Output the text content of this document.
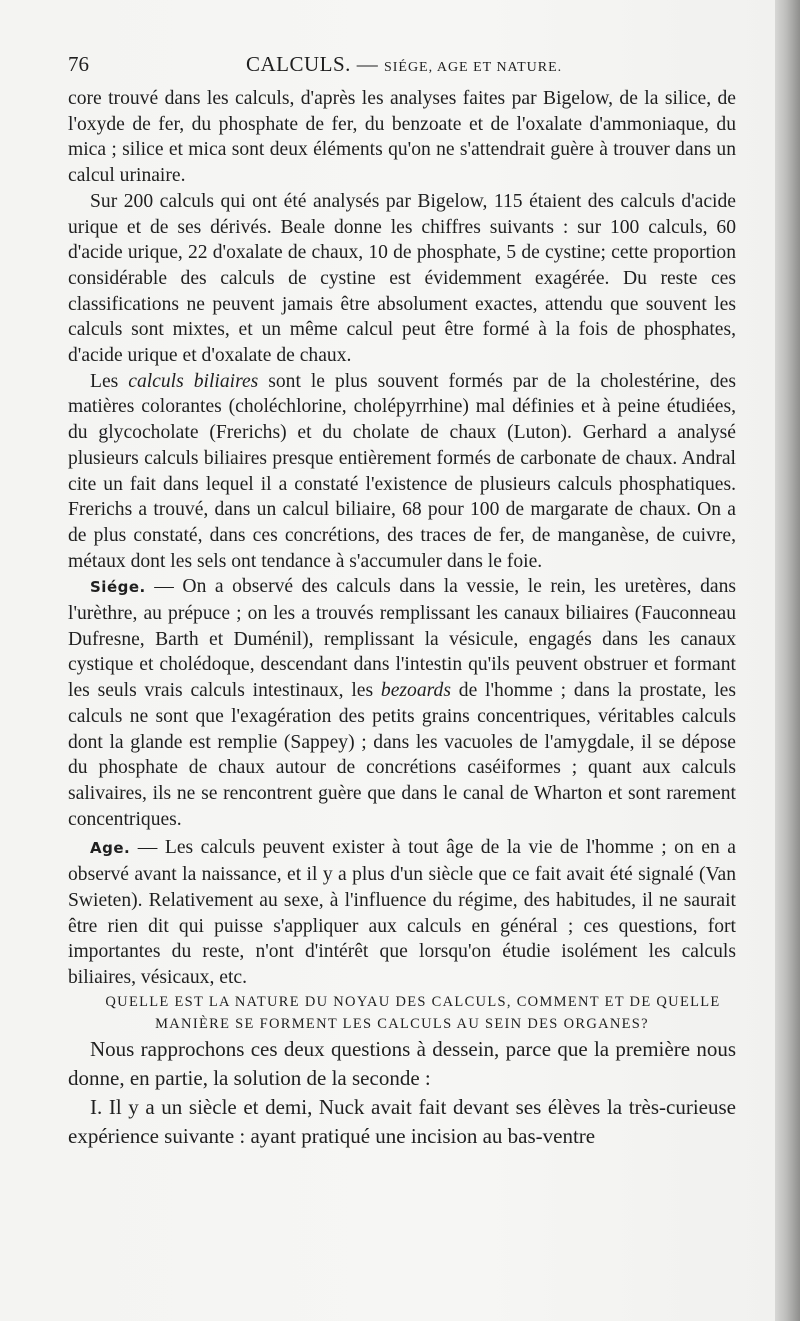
76	CALCULS. — SIÉGE, AGE ET NATURE.

core trouvé dans les calculs, d'après les analyses faites par Bigelow, de la silice, de l'oxyde de fer, du phosphate de fer, du benzoate et de l'oxalate d'ammoniaque, du mica ; silice et mica sont deux éléments qu'on ne s'attendrait guère à trouver dans un calcul urinaire.

Sur 200 calculs qui ont été analysés par Bigelow, 115 étaient des calculs d'acide urique et de ses dérivés. Beale donne les chiffres suivants : sur 100 calculs, 60 d'acide urique, 22 d'oxalate de chaux, 10 de phosphate, 5 de cystine; cette proportion considérable des calculs de cystine est évidemment exagérée. Du reste ces classifications ne peuvent jamais être absolument exactes, attendu que souvent les calculs sont mixtes, et un même calcul peut être formé à la fois de phosphates, d'acide urique et d'oxalate de chaux.

Les calculs biliaires sont le plus souvent formés par de la cholestérine, des matières colorantes (choléchlorine, cholépyrrhine) mal définies et à peine étudiées, du glycocholate (Frerichs) et du cholate de chaux (Luton). Gerhard a analysé plusieurs calculs biliaires presque entièrement formés de carbonate de chaux. Andral cite un fait dans lequel il a constaté l'existence de plusieurs calculs phosphatiques. Frerichs a trouvé, dans un calcul biliaire, 68 pour 100 de margarate de chaux. On a de plus constaté, dans ces concrétions, des traces de fer, de manganèse, de cuivre, métaux dont les sels ont tendance à s'accumuler dans le foie.

Siége. — On a observé des calculs dans la vessie, le rein, les uretères, dans l'urèthre, au prépuce ; on les a trouvés remplissant les canaux biliaires (Fauconneau Dufresne, Barth et Duménil), remplissant la vésicule, engagés dans les canaux cystique et cholédoque, descendant dans l'intestin qu'ils peuvent obstruer et formant les seuls vrais calculs intestinaux, les bezoards de l'homme ; dans la prostate, les calculs ne sont que l'exagération des petits grains concentriques, véritables calculs dont la glande est remplie (Sappey) ; dans les vacuoles de l'amygdale, il se dépose du phosphate de chaux autour de concrétions caséiformes ; quant aux calculs salivaires, ils ne se rencontrent guère que dans le canal de Wharton et sont rarement concentriques.

Age. — Les calculs peuvent exister à tout âge de la vie de l'homme ; on en a observé avant la naissance, et il y a plus d'un siècle que ce fait avait été signalé (Van Swieten). Relativement au sexe, à l'influence du régime, des habitudes, il ne saurait être rien dit qui puisse s'appliquer aux calculs en général ; ces questions, fort importantes du reste, n'ont d'intérêt que lorsqu'on étudie isolément les calculs biliaires, vésicaux, etc.

QUELLE EST LA NATURE DU NOYAU DES CALCULS, COMMENT ET DE QUELLE MANIÈRE SE FORMENT LES CALCULS AU SEIN DES ORGANES?

Nous rapprochons ces deux questions à dessein, parce que la première nous donne, en partie, la solution de la seconde :

I. Il y a un siècle et demi, Nuck avait fait devant ses élèves la très-curieuse expérience suivante : ayant pratiqué une incision au bas-ventre
